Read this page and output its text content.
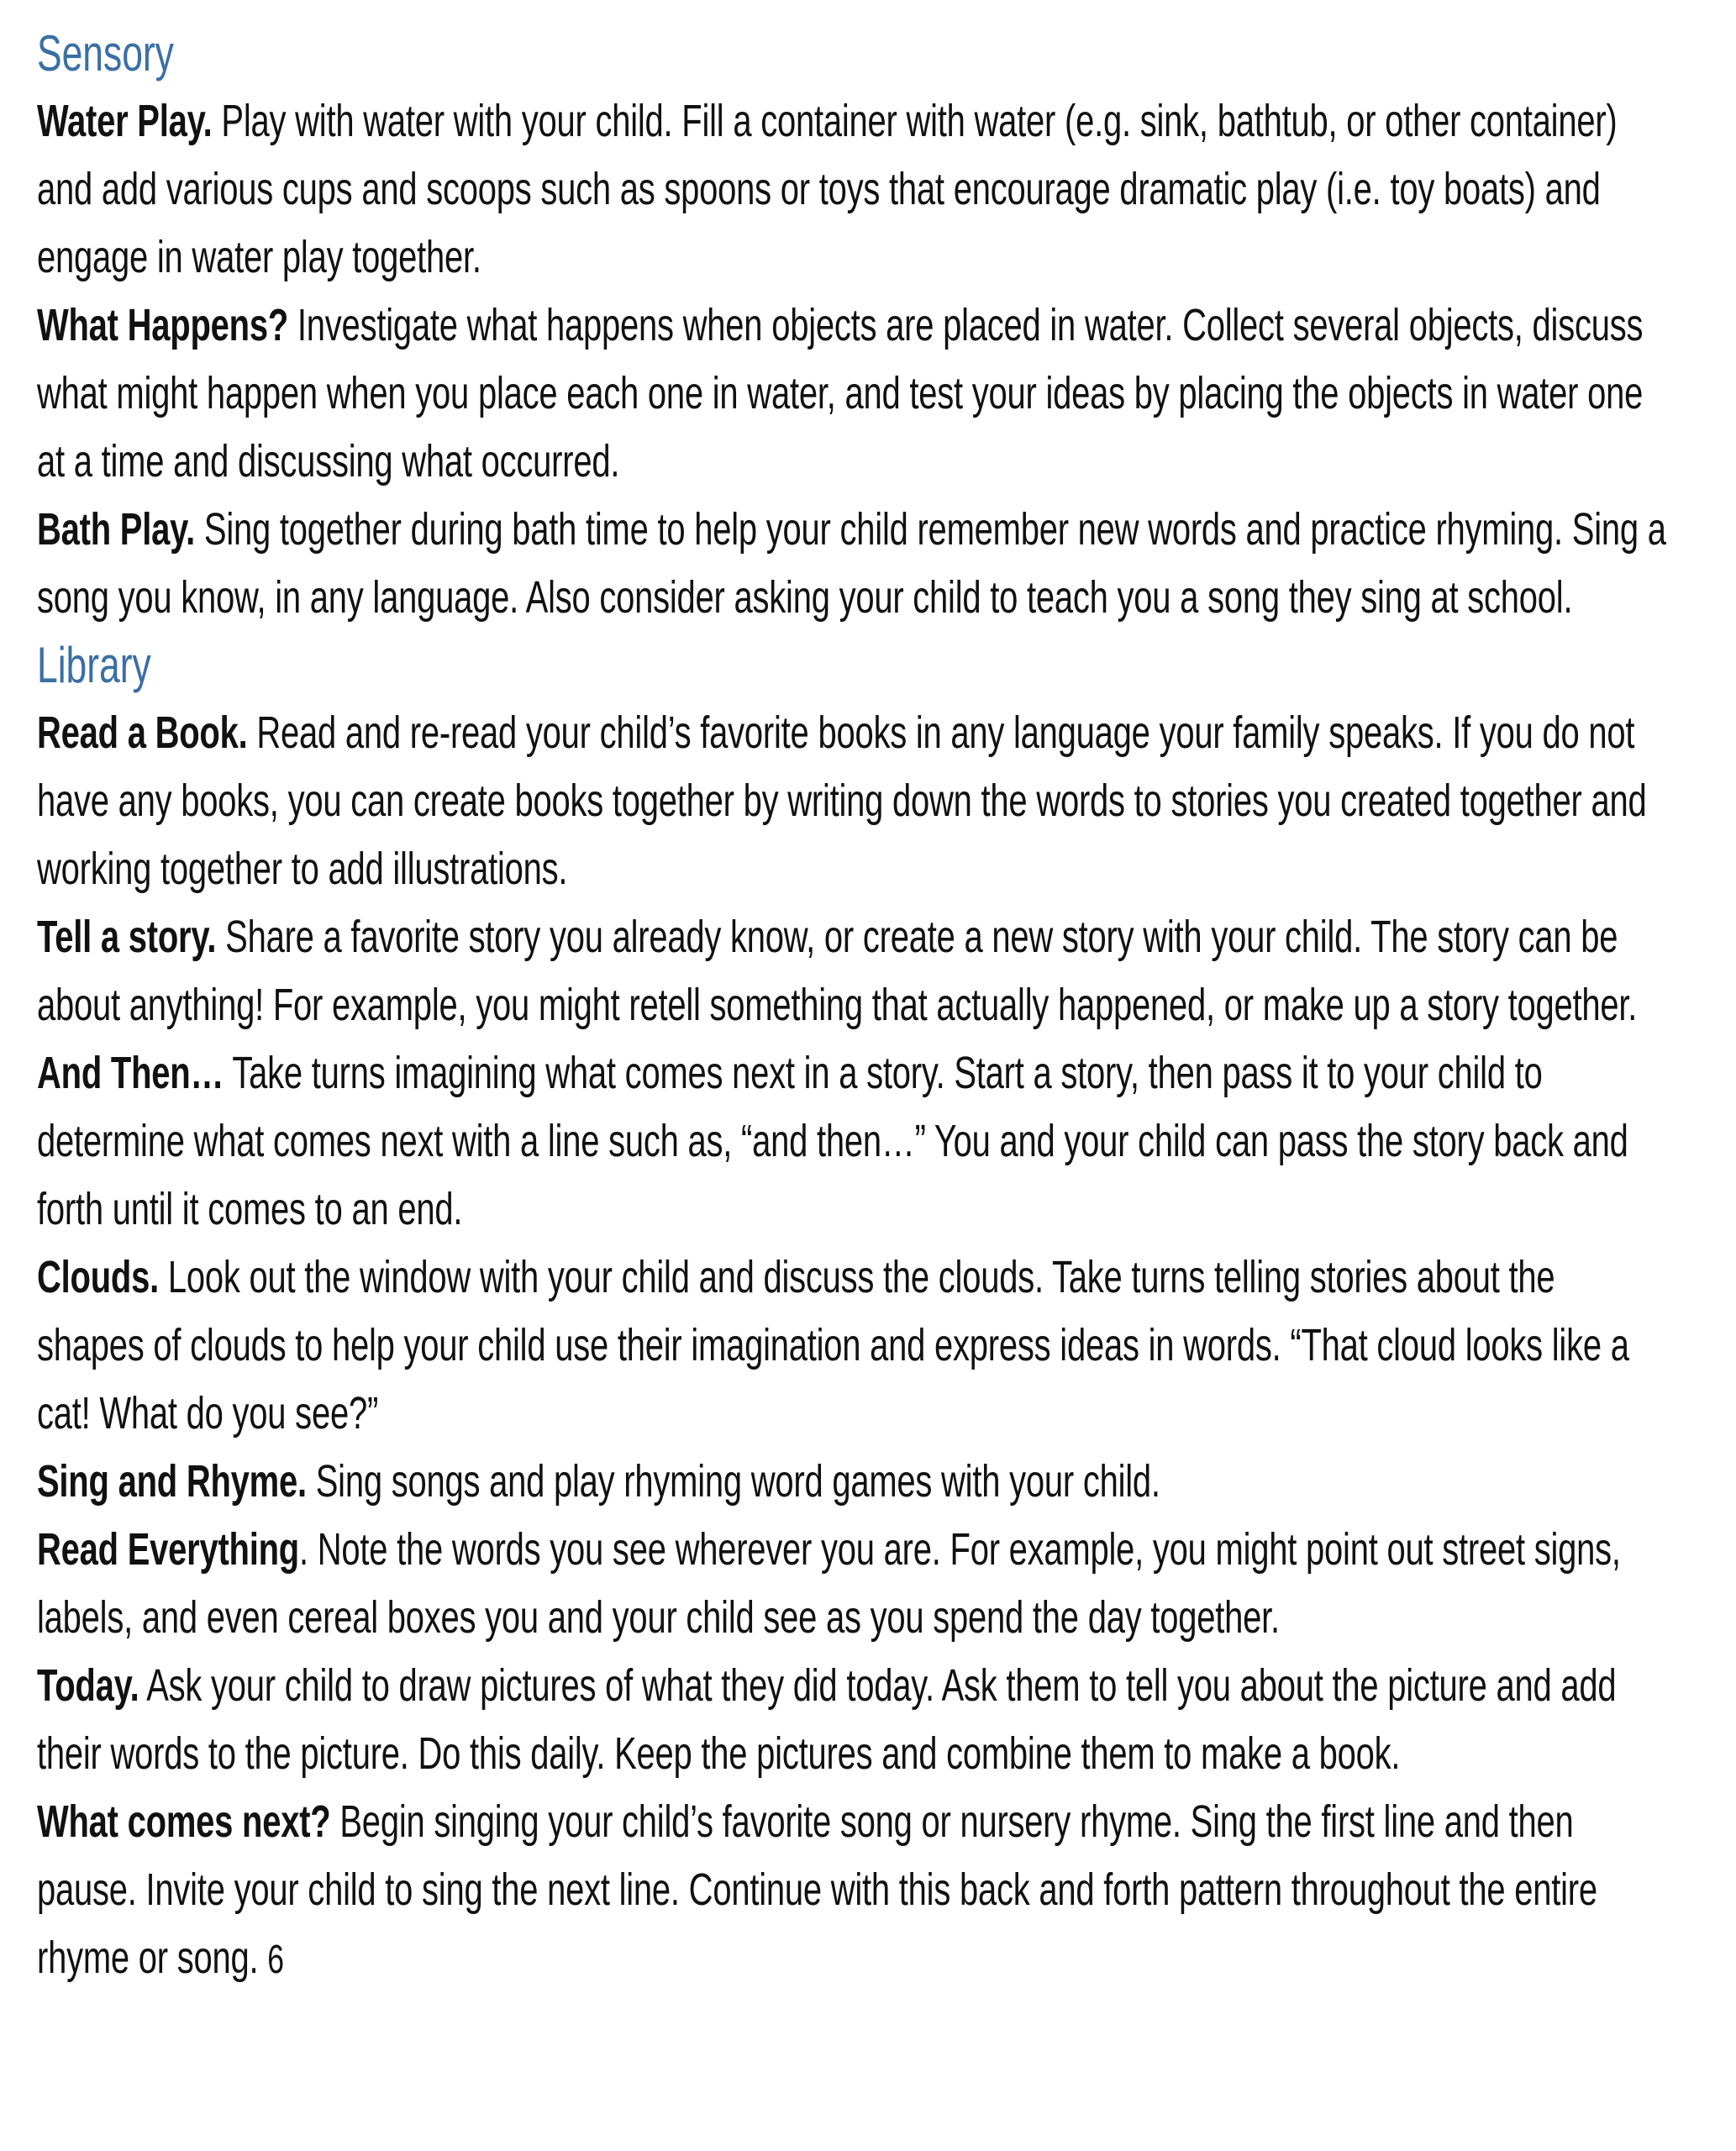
Sensory

Water Play. Play with water with your child. Fill a container with water (e.g. sink, bathtub, or other container) and add various cups and scoops such as spoons or toys that encourage dramatic play (i.e. toy boats) and engage in water play together.

What Happens? Investigate what happens when objects are placed in water. Collect several objects, discuss what might happen when you place each one in water, and test your ideas by placing the objects in water one at a time and discussing what occurred.

Bath Play. Sing together during bath time to help your child remember new words and practice rhyming. Sing a song you know, in any language. Also consider asking your child to teach you a song they sing at school.

Library

Read a Book. Read and re-read your child’s favorite books in any language your family speaks. If you do not have any books, you can create books together by writing down the words to stories you created together and working together to add illustrations.

Tell a story. Share a favorite story you already know, or create a new story with your child. The story can be about anything! For example, you might retell something that actually happened, or make up a story together.

And Then… Take turns imagining what comes next in a story. Start a story, then pass it to your child to determine what comes next with a line such as, “and then…” You and your child can pass the story back and forth until it comes to an end.

Clouds. Look out the window with your child and discuss the clouds. Take turns telling stories about the shapes of clouds to help your child use their imagination and express ideas in words. “That cloud looks like a cat! What do you see?”

Sing and Rhyme. Sing songs and play rhyming word games with your child.

Read Everything. Note the words you see wherever you are. For example, you might point out street signs, labels, and even cereal boxes you and your child see as you spend the day together.

Today. Ask your child to draw pictures of what they did today. Ask them to tell you about the picture and add their words to the picture. Do this daily. Keep the pictures and combine them to make a book.

What comes next? Begin singing your child’s favorite song or nursery rhyme. Sing the first line and then pause. Invite your child to sing the next line. Continue with this back and forth pattern throughout the entire rhyme or song. 6
